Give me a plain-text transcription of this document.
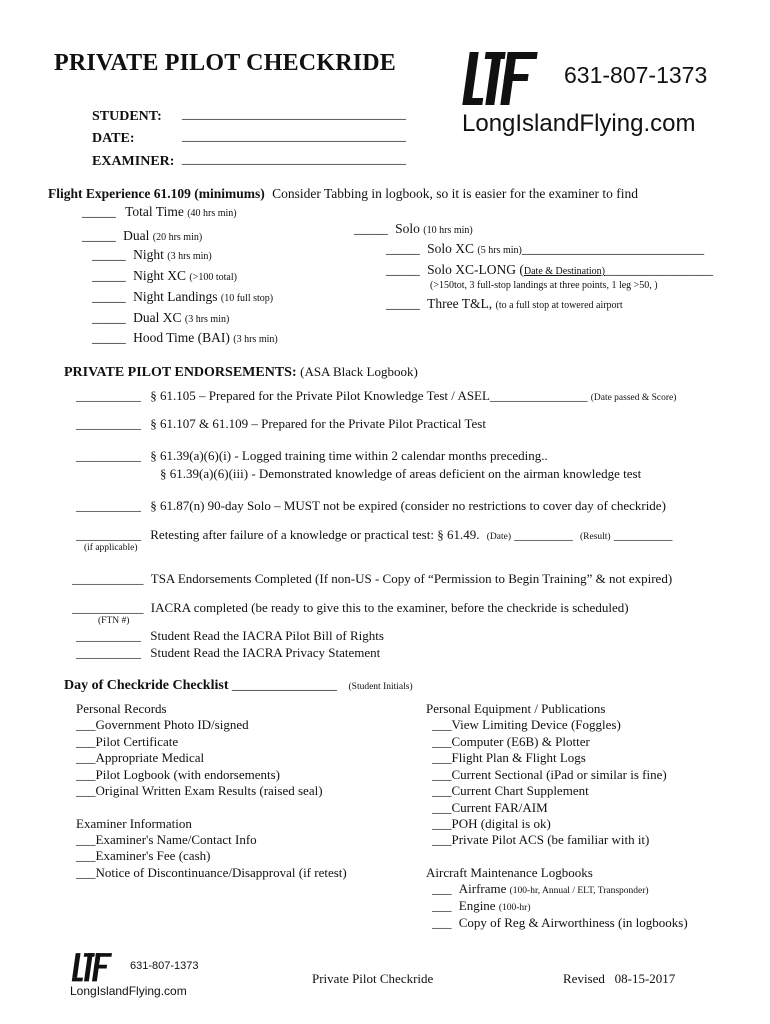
PRIVATE PILOT CHECKRIDE	631-807-1373
LongIslandFlying.com
STUDENT: ________________________________
DATE:	________________________________
EXAMINER: ________________________________
Flight Experience 61.109 (minimums) Consider Tabbing in logbook, so it is easier for the examiner to find
_____ Total Time (40 hrs min)
_____ Dual (20 hrs min)
_____ Night (3 hrs min)
_____ Night XC (>100 total)
_____ Night Landings (10 full stop)
_____ Dual XC (3 hrs min)
_____ Hood Time (BAI) (3 hrs min)
_____ Solo (10 hrs min)
_____ Solo XC (5 hrs min)___________________________
_____ Solo XC-LONG (Date & Destination)________________
(>150tot, 3 full-stop landings at three points, 1 leg >50, )
_____ Three T&L, (to a full stop at towered airport
PRIVATE PILOT ENDORSEMENTS: (ASA Black Logbook)
__________ § 61.105 – Prepared for the Private Pilot Knowledge Test / ASEL_______________ (Date passed & Score)
__________ § 61.107 & 61.109 – Prepared for the Private Pilot Practical Test
__________ § 61.39(a)(6)(i) - Logged training time within 2 calendar months preceding..
§ 61.39(a)(6)(iii) - Demonstrated knowledge of areas deficient on the airman knowledge test
__________ § 61.87(n) 90-day Solo – MUST not be expired (consider no restrictions to cover day of checkride)
__________ Retesting after failure of a knowledge or practical test: § 61.49. (Date) _________ (Result) _________
(if applicable)
___________ TSA Endorsements Completed (If non-US - Copy of “Permission to Begin Training” & not expired)
___________ IACRA completed (be ready to give this to the examiner, before the checkride is scheduled)
(FTN #)
__________ Student Read the IACRA Pilot Bill of Rights
__________ Student Read the IACRA Privacy Statement
Day of Checkride Checklist _______________ (Student Initials)
Personal Records
___Government Photo ID/signed
___Pilot Certificate
___Appropriate Medical
___Pilot Logbook (with endorsements)
___Original Written Exam Results (raised seal)
Examiner Information
___Examiner's Name/Contact Info
___Examiner's Fee (cash)
___Notice of Discontinuance/Disapproval (if retest)
Personal Equipment / Publications
___View Limiting Device (Foggles)
___Computer (E6B) & Plotter
___Flight Plan & Flight Logs
___Current Sectional (iPad or similar is fine)
___Current Chart Supplement
___Current FAR/AIM
___POH (digital is ok)
___Private Pilot ACS (be familiar with it)
Aircraft Maintenance Logbooks
___ Airframe (100-hr, Annual / ELT, Transponder)
___ Engine (100-hr)
___ Copy of Reg & Airworthiness (in logbooks)
631-807-1373
LongIslandFlying.com
Private Pilot Checkride	Revised   08-15-2017
